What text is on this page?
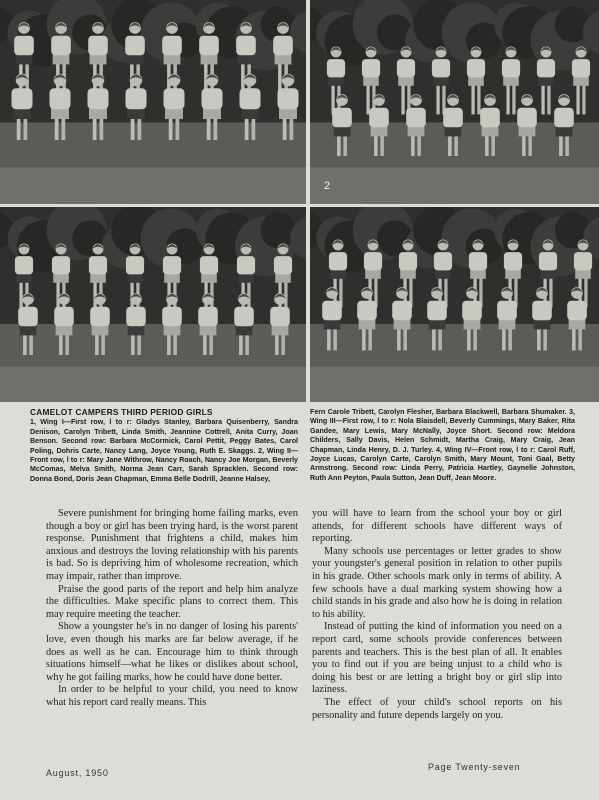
2
CAMELOT CAMPERS THIRD PERIOD GIRLS
1, Wing I—First row, l to r: Gladys Stanley, Barbara Quisenberry, Sandra Denison, Carolyn Tribett, Linda Smith, Jeannine Cottrell, Anita Curry, Joan Benson. Second row: Barbara McCormick, Carol Pettit, Peggy Bates, Carol Poling, Dohris Carte, Nancy Lang, Joyce Young, Ruth E. Skaggs. 2, Wing II—Front row, l to r: Mary Jane Withrow, Nancy Roach, Nancy Joe Morgan, Beverly McComas, Melva Smith, Norma Jean Carr, Sarah Spracklen. Second row: Donna Bond, Doris Jean Chapman, Emma Belle Dodrill, Jeanne Halsey,
Fern Carole Tribett, Carolyn Flesher, Barbara Blackwell, Barbara Shumaker. 3, Wing III—First row, l to r: Nola Blaisdell, Beverly Cummings, Mary Baker, Rita Gandee, Mary Lewis, Mary McNally, Joyce Short. Second row: Meldora Childers, Sally Davis, Helen Schmidt, Martha Craig, Mary Craig, Jean Chapman, Linda Henry, D. J. Turley. 4, Wing IV—Front row, l to r: Carol Ruff, Joyce Lucas, Carolyn Carte, Carolyn Smith, Mary Mount, Toni Gaal, Betty Armstrong. Second row: Linda Perry, Patricia Hartley, Gaynelle Johnston, Ruth Ann Peyton, Paula Sutton, Jean Duff, Jean Moore.

Severe punishment for bringing home failing marks, even though a boy or girl has been trying hard, is the worst parent response. Punishment that frightens a child, makes him anxious and destroys the loving relationship with his parents is bad. So is depriving him of wholesome recreation, which may impair, rather than improve.

Praise the good parts of the report and help him analyze the difficulties. Make specific plans to correct them. This may require meeting the teacher.

Show a youngster he's in no danger of losing his parents' love, even though his marks are far below average, if he does as well as he can. Encourage him to think through situations himself—what he likes or dislikes about school, why he got failing marks, how he could have done better.

In order to be helpful to your child, you need to know what his report card really means. This

you will have to learn from the school your boy or girl attends, for different schools have different ways of reporting.

Many schools use percentages or letter grades to show your youngster's general position in relation to other pupils in his grade. Other schools mark only in terms of ability. A few schools have a dual marking system showing how a child stands in his grade and also how he is doing in relation to his ability.

Instead of putting the kind of information you need on a report card, some schools provide conferences between parents and teachers. This is the best plan of all. It enables you to find out if you are being unjust to a child who is doing his best or are letting a bright boy or girl slip into laziness.

The effect of your child's school reports on his personality and future depends largely on you.

August, 1950
Page Twenty-seven
